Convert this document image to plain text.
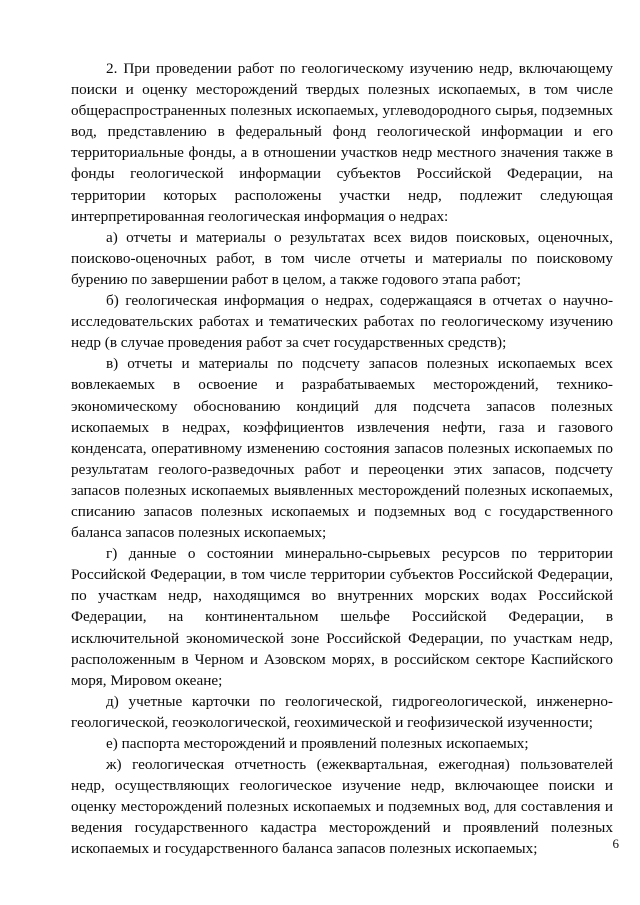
2. При проведении работ по геологическому изучению недр, включающему поиски и оценку месторождений твердых полезных ископаемых, в том числе общераспространенных полезных ископаемых, углеводородного сырья, подземных вод, представлению в федеральный фонд геологической информации и его территориальные фонды, а в отношении участков недр местного значения также в фонды геологической информации субъектов Российской Федерации, на территории которых расположены участки недр, подлежит следующая интерпретированная геологическая информация о недрах:

а) отчеты и материалы о результатах всех видов поисковых, оценочных, поисково-оценочных работ, в том числе отчеты и материалы по поисковому бурению по завершении работ в целом, а также годового этапа работ;

б) геологическая информация о недрах, содержащаяся в отчетах о научно-исследовательских работах и тематических работах по геологическому изучению недр (в случае проведения работ за счет государственных средств);

в) отчеты и материалы по подсчету запасов полезных ископаемых всех вовлекаемых в освоение и разрабатываемых месторождений, технико-экономическому обоснованию кондиций для подсчета запасов полезных ископаемых в недрах, коэффициентов извлечения нефти, газа и газового конденсата, оперативному изменению состояния запасов полезных ископаемых по результатам геолого-разведочных работ и переоценки этих запасов, подсчету запасов полезных ископаемых выявленных месторождений полезных ископаемых, списанию запасов полезных ископаемых и подземных вод с государственного баланса запасов полезных ископаемых;

г) данные о состоянии минерально-сырьевых ресурсов по территории Российской Федерации, в том числе территории субъектов Российской Федерации, по участкам недр, находящимся во внутренних морских водах Российской Федерации, на континентальном шельфе Российской Федерации, в исключительной экономической зоне Российской Федерации, по участкам недр, расположенным в Черном и Азовском морях, в российском секторе Каспийского моря, Мировом океане;

д) учетные карточки по геологической, гидрогеологической, инженерно-геологической, геоэкологической, геохимической и геофизической изученности;

е) паспорта месторождений и проявлений полезных ископаемых;

ж) геологическая отчетность (ежеквартальная, ежегодная) пользователей недр, осуществляющих геологическое изучение недр, включающее поиски и оценку месторождений полезных ископаемых и подземных вод, для составления и ведения государственного кадастра месторождений и проявлений полезных ископаемых и государственного баланса запасов полезных ископаемых;	6
